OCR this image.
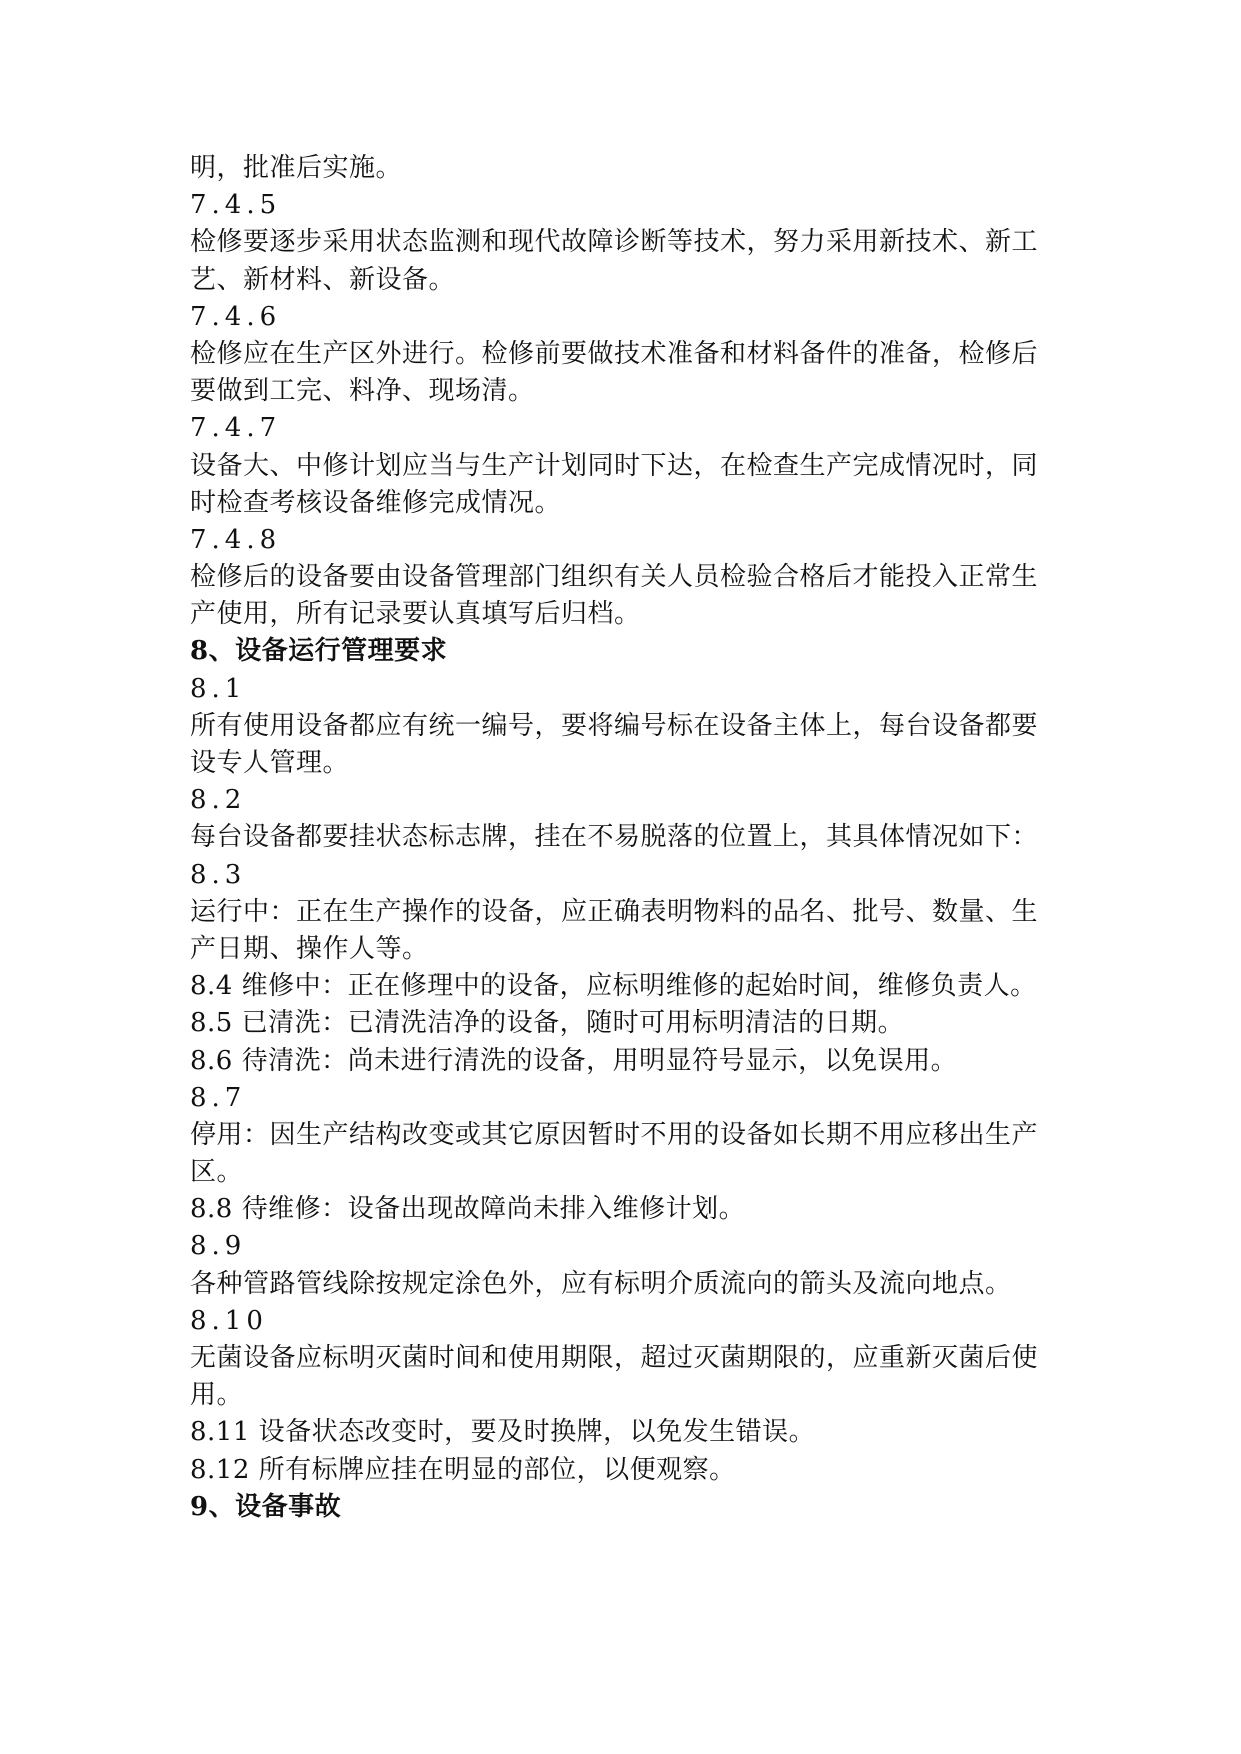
明，批准后实施。
7.4.5
检修要逐步采用状态监测和现代故障诊断等技术，努力采用新技术、新工
艺、新材料、新设备。
7.4.6
检修应在生产区外进行。检修前要做技术准备和材料备件的准备，检修后
要做到工完、料净、现场清。
7.4.7
设备大、中修计划应当与生产计划同时下达，在检查生产完成情况时，同
时检查考核设备维修完成情况。
7.4.8
检修后的设备要由设备管理部门组织有关人员检验合格后才能投入正常生
产使用，所有记录要认真填写后归档。
8、设备运行管理要求
8.1
所有使用设备都应有统一编号，要将编号标在设备主体上，每台设备都要
设专人管理。
8.2
每台设备都要挂状态标志牌，挂在不易脱落的位置上，其具体情况如下：
8.3
运行中：正在生产操作的设备，应正确表明物料的品名、批号、数量、生
产日期、操作人等。
8.4 维修中：正在修理中的设备，应标明维修的起始时间，维修负责人。
8.5 已清洗：已清洗洁净的设备，随时可用标明清洁的日期。
8.6 待清洗：尚未进行清洗的设备，用明显符号显示，以免误用。
8.7
停用：因生产结构改变或其它原因暂时不用的设备如长期不用应移出生产
区。
8.8 待维修：设备出现故障尚未排入维修计划。
8.9
各种管路管线除按规定涂色外，应有标明介质流向的箭头及流向地点。
8.10
无菌设备应标明灭菌时间和使用期限，超过灭菌期限的，应重新灭菌后使
用。
8.11 设备状态改变时，要及时换牌，以免发生错误。
8.12 所有标牌应挂在明显的部位，以便观察。
9、设备事故
